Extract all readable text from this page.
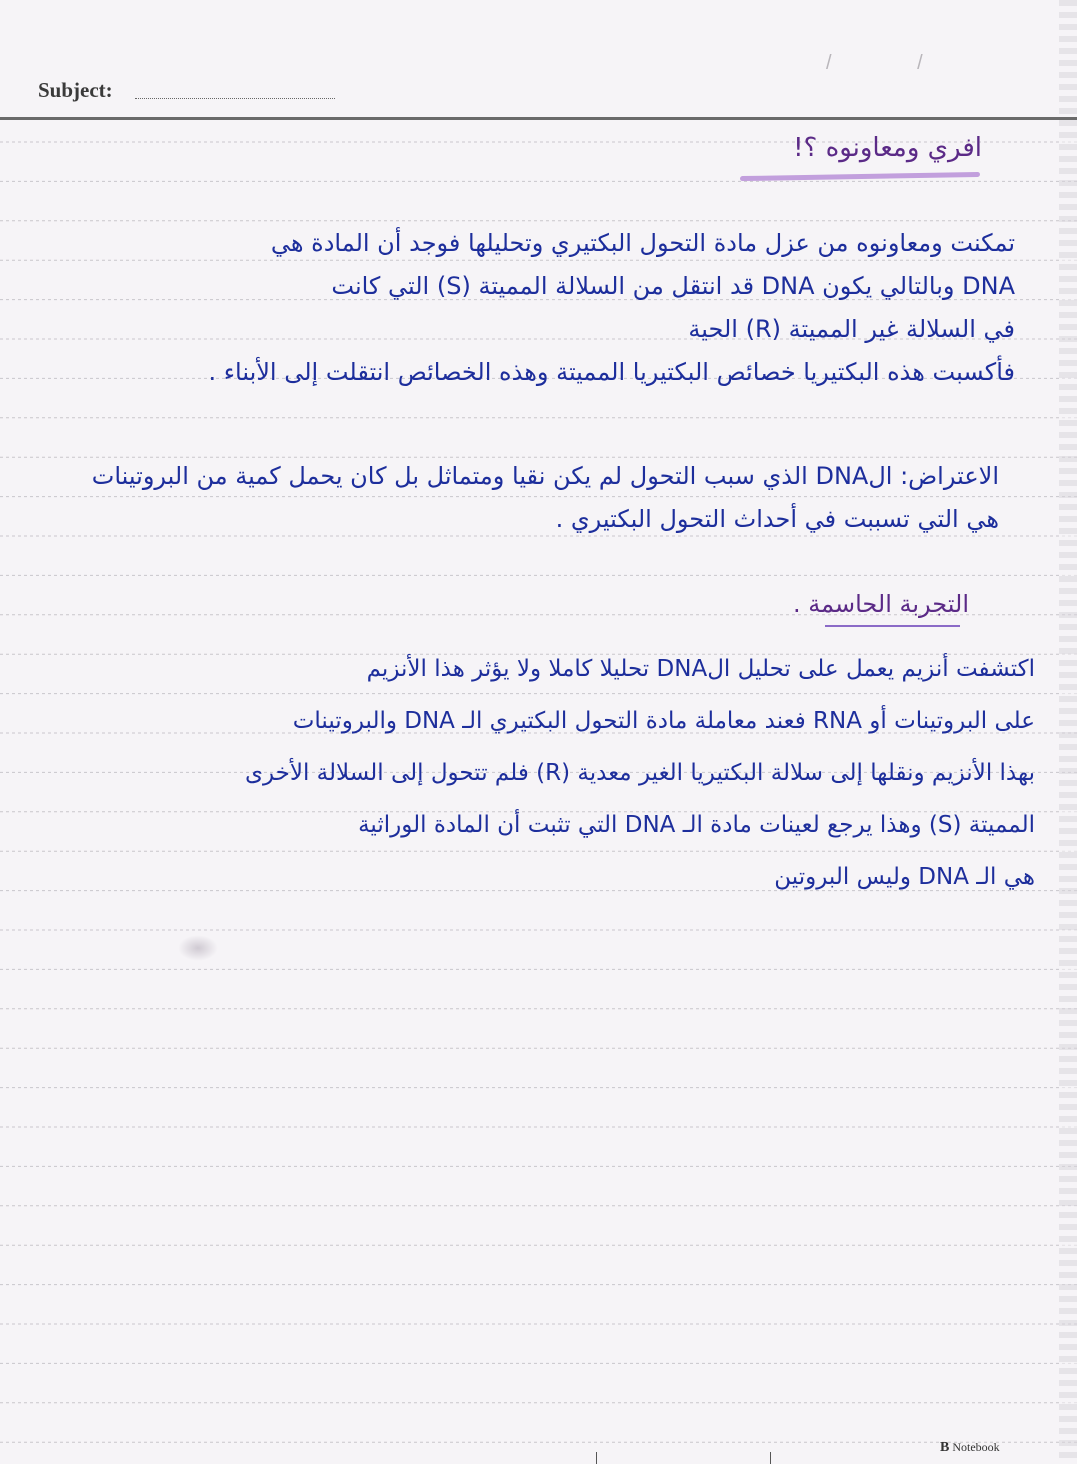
Subject:
/ /
افري ومعاونوه ؟!
تمكنت ومعاونوه من عزل مادة التحول البكتيري وتحليلها فوجد أن المادة هي
DNA وبالتالي يكون DNA قد انتقل من السلالة المميتة (S) التي كانت
في السلالة غير المميتة (R) الحية
فأكسبت هذه البكتيريا خصائص البكتيريا المميتة وهذه الخصائص انتقلت إلى الأبناء .
الاعتراض: الDNA الذي سبب التحول لم يكن نقيا ومتماثل بل كان يحمل كمية من البروتينات
هي التي تسببت في أحداث التحول البكتيري .
التجربة الحاسمة .
اكتشفت أنزيم يعمل على تحليل الDNA تحليلا كاملا ولا يؤثر هذا الأنزيم
على البروتينات أو RNA فعند معاملة مادة التحول البكتيري الـ DNA والبروتينات
بهذا الأنزيم ونقلها إلى سلالة البكتيريا الغير معدية (R) فلم تتحول إلى السلالة الأخرى
المميتة (S) وهذا يرجع لعينات مادة الـ DNA التي تثبت أن المادة الوراثية
هي الـ DNA وليس البروتين
B Notebook
